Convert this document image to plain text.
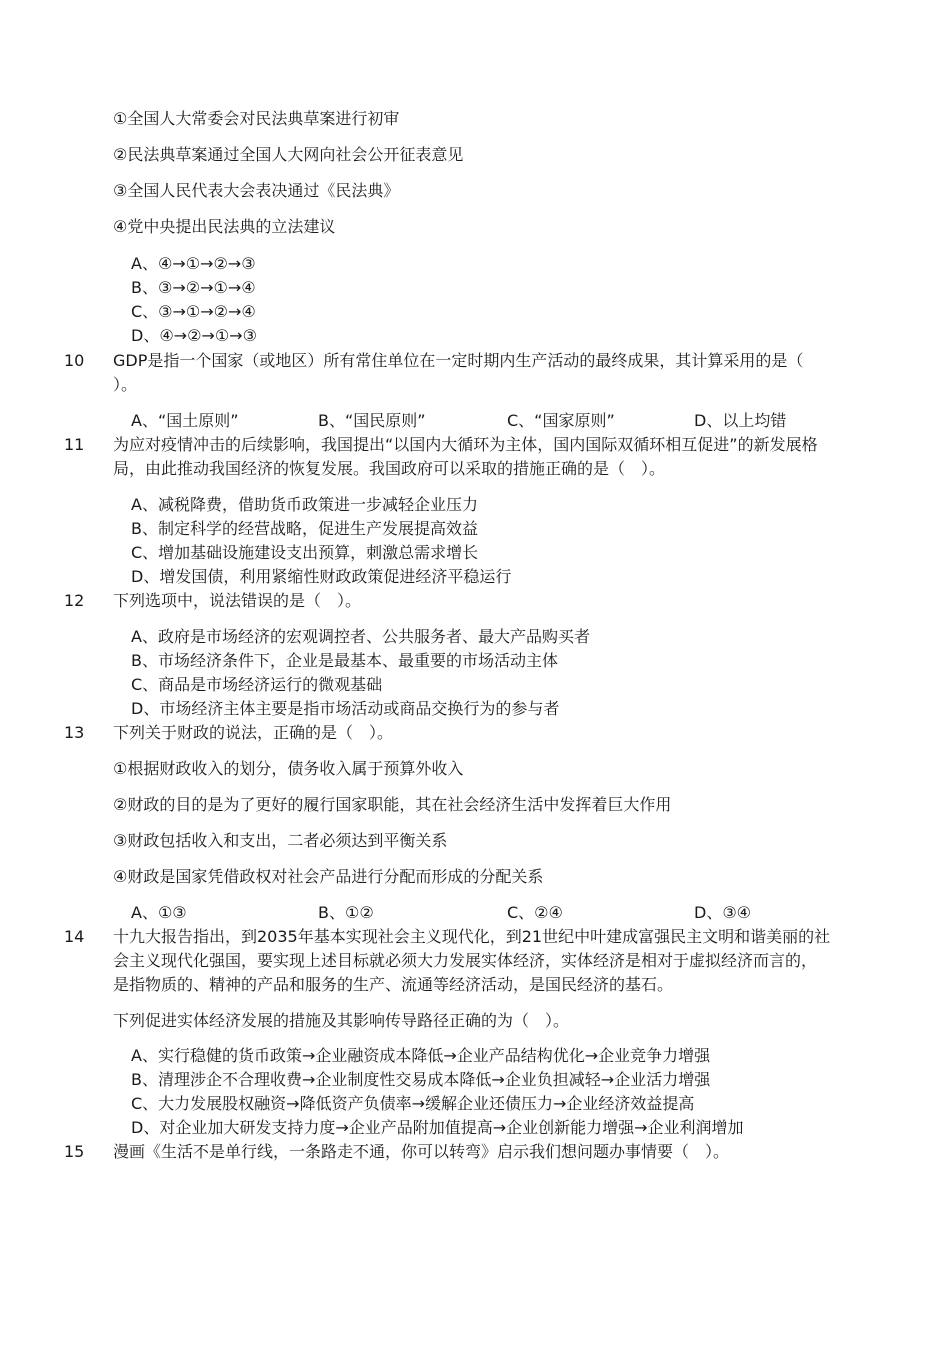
①全国人大常委会对民法典草案进行初审

②民法典草案通过全国人大网向社会公开征表意见

③全国人民代表大会表决通过《民法典》

④党中央提出民法典的立法建议

A、④→①→②→③

B、③→②→①→④

C、③→①→②→④

D、④→②→①→③

10 GDP是指一个国家（或地区）所有常住单位在一定时期内生产活动的最终成果，其计算采用的是（

）。

A、“国土原则”	B、“国民原则”	C、“国家原则”	D、以上均错

11 为应对疫情冲击的后续影响，我国提出“以国内大循环为主体，国内国际双循环相互促进”的新发展格

局，由此推动我国经济的恢复发展。我国政府可以采取的措施正确的是（　）。

A、减税降费，借助货币政策进一步减轻企业压力

B、制定科学的经营战略，促进生产发展提高效益

C、增加基础设施建设支出预算，刺激总需求增长

D、增发国债，利用紧缩性财政政策促进经济平稳运行

12 下列选项中，说法错误的是（　）。

A、政府是市场经济的宏观调控者、公共服务者、最大产品购买者

B、市场经济条件下，企业是最基本、最重要的市场活动主体

C、商品是市场经济运行的微观基础

D、市场经济主体主要是指市场活动或商品交换行为的参与者

13 下列关于财政的说法，正确的是（　）。

①根据财政收入的划分，债务收入属于预算外收入

②财政的目的是为了更好的履行国家职能，其在社会经济生活中发挥着巨大作用

③财政包括收入和支出，二者必须达到平衡关系

④财政是国家凭借政权对社会产品进行分配而形成的分配关系

A、①③	B、①②	C、②④	D、③④

14 十九大报告指出，到2035年基本实现社会主义现代化，到21世纪中叶建成富强民主文明和谐美丽的社

会主义现代化强国，要实现上述目标就必须大力发展实体经济，实体经济是相对于虚拟经济而言的，

是指物质的、精神的产品和服务的生产、流通等经济活动，是国民经济的基石。

下列促进实体经济发展的措施及其影响传导路径正确的为（　）。

A、实行稳健的货币政策→企业融资成本降低→企业产品结构优化→企业竞争力增强

B、清理涉企不合理收费→企业制度性交易成本降低→企业负担减轻→企业活力增强

C、大力发展股权融资→降低资产负债率→缓解企业还债压力→企业经济效益提高

D、对企业加大研发支持力度→企业产品附加值提高→企业创新能力增强→企业利润增加

15 漫画《生活不是单行线，一条路走不通，你可以转弯》启示我们想问题办事情要（　）。
